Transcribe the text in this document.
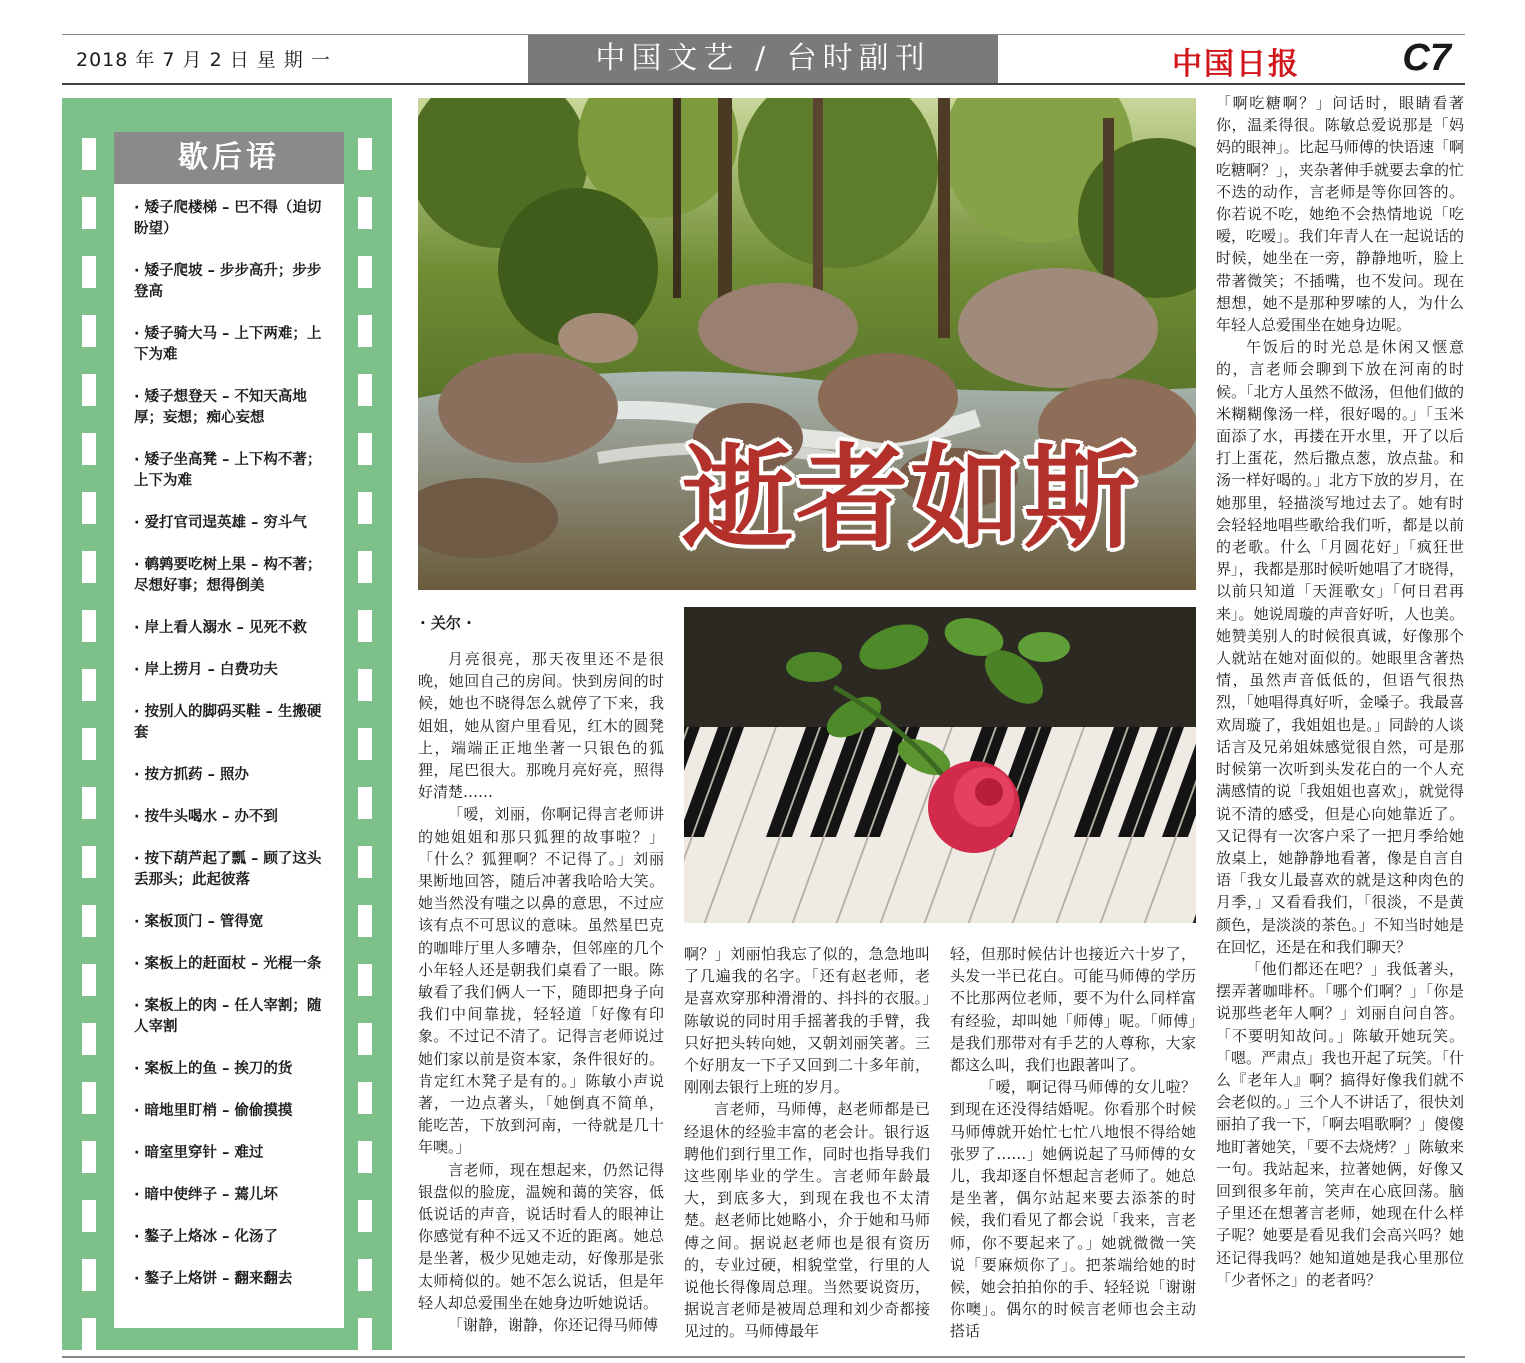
2018 年 7 月 2 日 星 期 一	中国文艺 / 台时副刊	中国日报	C7
歇后语
· 矮子爬楼梯 – 巴不得（迫切盼望）
· 矮子爬坡 – 步步高升；步步登高
· 矮子骑大马 – 上下两难；上下为难
· 矮子想登天 – 不知天高地厚；妄想；痴心妄想
· 矮子坐高凳 – 上下构不著；上下为难
· 爱打官司逞英雄 – 穷斗气
· 鹌鹑要吃树上果 – 构不著；尽想好事；想得倒美
· 岸上看人溺水 – 见死不救
· 岸上捞月 – 白费功夫
· 按别人的脚码买鞋 – 生搬硬套
· 按方抓药 – 照办
· 按牛头喝水 – 办不到
· 按下葫芦起了瓢 – 顾了这头丢那头；此起彼落
· 案板顶门 – 管得宽
· 案板上的赶面杖 – 光棍一条
· 案板上的肉 – 任人宰割；随人宰割
· 案板上的鱼 – 挨刀的货
· 暗地里盯梢 – 偷偷摸摸
· 暗室里穿针 – 难过
· 暗中使绊子 – 蔫儿坏
· 鏊子上烙冰 – 化汤了
· 鏊子上烙饼 – 翻来翻去
逝者如斯
· 关尔 ·

月亮很亮，那天夜里还不是很晚，她回自己的房间。快到房间的时候，她也不晓得怎么就停了下来，我姐姐，她从窗户里看见，红木的圆凳上，端端正正地坐著一只银色的狐狸，尾巴很大。那晚月亮好亮，照得好清楚……

「嗳，刘丽，你啊记得言老师讲的她姐姐和那只狐狸的故事啦？」「什么？狐狸啊？不记得了。」刘丽果断地回答，随后冲著我哈哈大笑。她当然没有嗤之以鼻的意思，不过应该有点不可思议的意味。虽然星巴克的咖啡厅里人多嘈杂，但邻座的几个小年轻人还是朝我们桌看了一眼。陈敏看了我们俩人一下，随即把身子向我们中间靠拢，轻轻道「好像有印象。不过记不清了。记得言老师说过她们家以前是资本家，条件很好的。肯定红木凳子是有的。」陈敏小声说著，一边点著头，「她倒真不简单，能吃苦，下放到河南，一待就是几十年噢。」

言老师，现在想起来，仍然记得银盘似的脸庞，温婉和蔼的笑容，低低说话的声音，说话时看人的眼神让你感觉有种不远又不近的距离。她总是坐著，极少见她走动，好像那是张太师椅似的。她不怎么说话，但是年轻人却总爱围坐在她身边听她说话。

「谢静，谢静，你还记得马师傅

啊？」刘丽怕我忘了似的，急急地叫了几遍我的名字。「还有赵老师，老是喜欢穿那种滑滑的、抖抖的衣服。」陈敏说的同时用手摇著我的手臂，我只好把头转向她，又朝刘丽笑著。三个好朋友一下子又回到二十多年前，刚刚去银行上班的岁月。

言老师，马师傅，赵老师都是已经退休的经验丰富的老会计。银行返聘他们到行里工作，同时也指导我们这些刚毕业的学生。言老师年龄最大，到底多大，到现在我也不太清楚。赵老师比她略小，介于她和马师傅之间。据说赵老师也是很有资历的，专业过硬，相貌堂堂，行里的人说他长得像周总理。当然要说资历，据说言老师是被周总理和刘少奇都接见过的。马师傅最年

轻，但那时候估计也接近六十岁了，头发一半已花白。可能马师傅的学历不比那两位老师，要不为什么同样富有经验，却叫她「师傅」呢。「师傅」是我们那带对有手艺的人尊称，大家都这么叫，我们也跟著叫了。

「嗳，啊记得马师傅的女儿啦？到现在还没得结婚呢。你看那个时候马师傅就开始忙七忙八地恨不得给她张罗了……」她俩说起了马师傅的女儿，我却逐自怀想起言老师了。她总是坐著，偶尔站起来要去添茶的时候，我们看见了都会说「我来，言老师，你不要起来了。」她就微微一笑说「要麻烦你了」。把茶端给她的时候，她会拍拍你的手、轻轻说「谢谢你噢」。偶尔的时候言老师也会主动搭话

「啊吃糖啊？」问话时，眼睛看著你，温柔得很。陈敏总爱说那是「妈妈的眼神」。比起马师傅的快语速「啊吃糖啊？」，夹杂著伸手就要去拿的忙不迭的动作，言老师是等你回答的。你若说不吃，她绝不会热情地说「吃嗳，吃嗳」。我们年青人在一起说话的时候，她坐在一旁，静静地听，脸上带著微笑；不插嘴，也不发问。现在想想，她不是那种罗嗦的人，为什么年轻人总爱围坐在她身边呢。

午饭后的时光总是休闲又惬意的，言老师会聊到下放在河南的时候。「北方人虽然不做汤，但他们做的米糊糊像汤一样，很好喝的。」「玉米面添了水，再搂在开水里，开了以后打上蛋花，然后撒点葱，放点盐。和汤一样好喝的。」北方下放的岁月，在她那里，轻描淡写地过去了。她有时会轻轻地唱些歌给我们听，都是以前的老歌。什么「月圆花好」「疯狂世界」，我都是那时候听她唱了才晓得，以前只知道「天涯歌女」「何日君再来」。她说周璇的声音好听，人也美。她赞美别人的时候很真诚，好像那个人就站在她对面似的。她眼里含著热情，虽然声音低低的，但语气很热烈，「她唱得真好听，金嗓子。我最喜欢周璇了，我姐姐也是。」同龄的人谈话言及兄弟姐妹感觉很自然，可是那时候第一次听到头发花白的一个人充满感情的说「我姐姐也喜欢」，就觉得说不清的感受，但是心向她靠近了。又记得有一次客户采了一把月季给她放桌上，她静静地看著，像是自言自语「我女儿最喜欢的就是这种肉色的月季，」又看看我们，「很淡，不是黄颜色，是淡淡的茶色。」不知当时她是在回忆，还是在和我们聊天？

「他们都还在吧？」我低著头，摆弄著咖啡杯。「哪个们啊？」「你是说那些老年人啊？」刘丽自问自答。「不要明知故问。」陈敏开她玩笑。「嗯。严肃点」我也开起了玩笑。「什么『老年人』啊？搞得好像我们就不会老似的。」三个人不讲话了，很快刘丽拍了我一下，「啊去唱歌啊？」傻傻地盯著她笑，「要不去烧烤？」陈敏来一句。我站起来，拉著她俩，好像又回到很多年前，笑声在心底回荡。脑子里还在想著言老师，她现在什么样子呢？她要是看见我们会高兴吗？她还记得我吗？她知道她是我心里那位「少者怀之」的老者吗？
